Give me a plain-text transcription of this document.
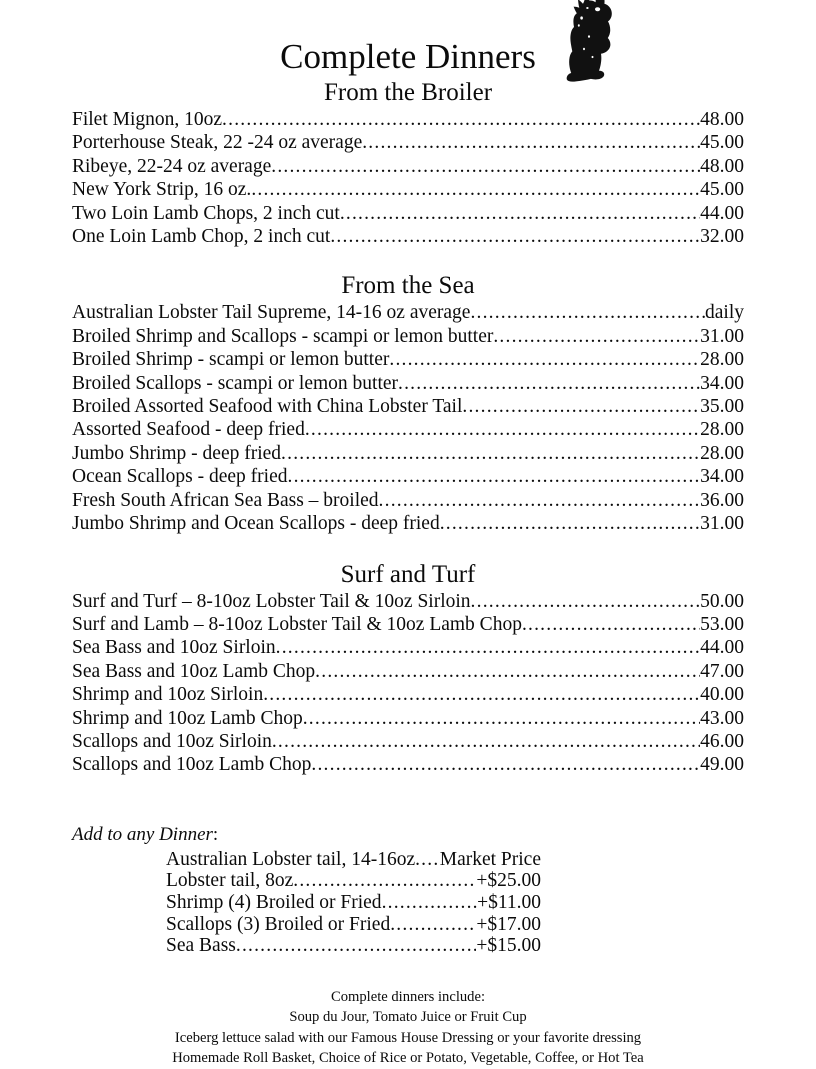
Complete Dinners
From the Broiler
Filet Mignon, 10oz .....	48.00
Porterhouse Steak, 22 -24 oz average .....	45.00
Ribeye, 22-24 oz average .....	48.00
New York Strip, 16 oz. .....	45.00
Two Loin Lamb Chops, 2 inch cut .....	44.00
One Loin Lamb Chop, 2 inch cut .....	32.00
From the Sea
Australian Lobster Tail Supreme, 14-16 oz average .....	daily
Broiled Shrimp and Scallops - scampi or lemon butter .....	31.00
Broiled Shrimp - scampi or lemon butter .....	28.00
Broiled Scallops - scampi or lemon butter .....	34.00
Broiled Assorted Seafood with China Lobster Tail .....	35.00
Assorted Seafood - deep fried .....	28.00
Jumbo Shrimp - deep fried .....	28.00
Ocean Scallops - deep fried .....	34.00
Fresh South African Sea Bass – broiled .....	36.00
Jumbo Shrimp and Ocean Scallops - deep fried .....	31.00
Surf and Turf
Surf and Turf – 8-10oz Lobster Tail & 10oz Sirloin .....	50.00
Surf and Lamb – 8-10oz Lobster Tail & 10oz Lamb Chop .....	53.00
Sea Bass and 10oz Sirloin .....	44.00
Sea Bass and 10oz Lamb Chop .....	47.00
Shrimp and 10oz Sirloin .....	40.00
Shrimp and 10oz Lamb Chop .....	43.00
Scallops and 10oz Sirloin .....	46.00
Scallops and 10oz Lamb Chop .....	49.00
Add to any Dinner:
Australian Lobster tail, 14-16oz ..... Market Price
Lobster tail, 8oz .....	+$25.00
Shrimp (4) Broiled or Fried .....	+$11.00
Scallops (3) Broiled or Fried .....	+$17.00
Sea Bass .....	+$15.00
Complete dinners include:
Soup du Jour, Tomato Juice or Fruit Cup
Iceberg lettuce salad with our Famous House Dressing or your favorite dressing
Homemade Roll Basket, Choice of Rice or Potato, Vegetable, Coffee, or Hot Tea
